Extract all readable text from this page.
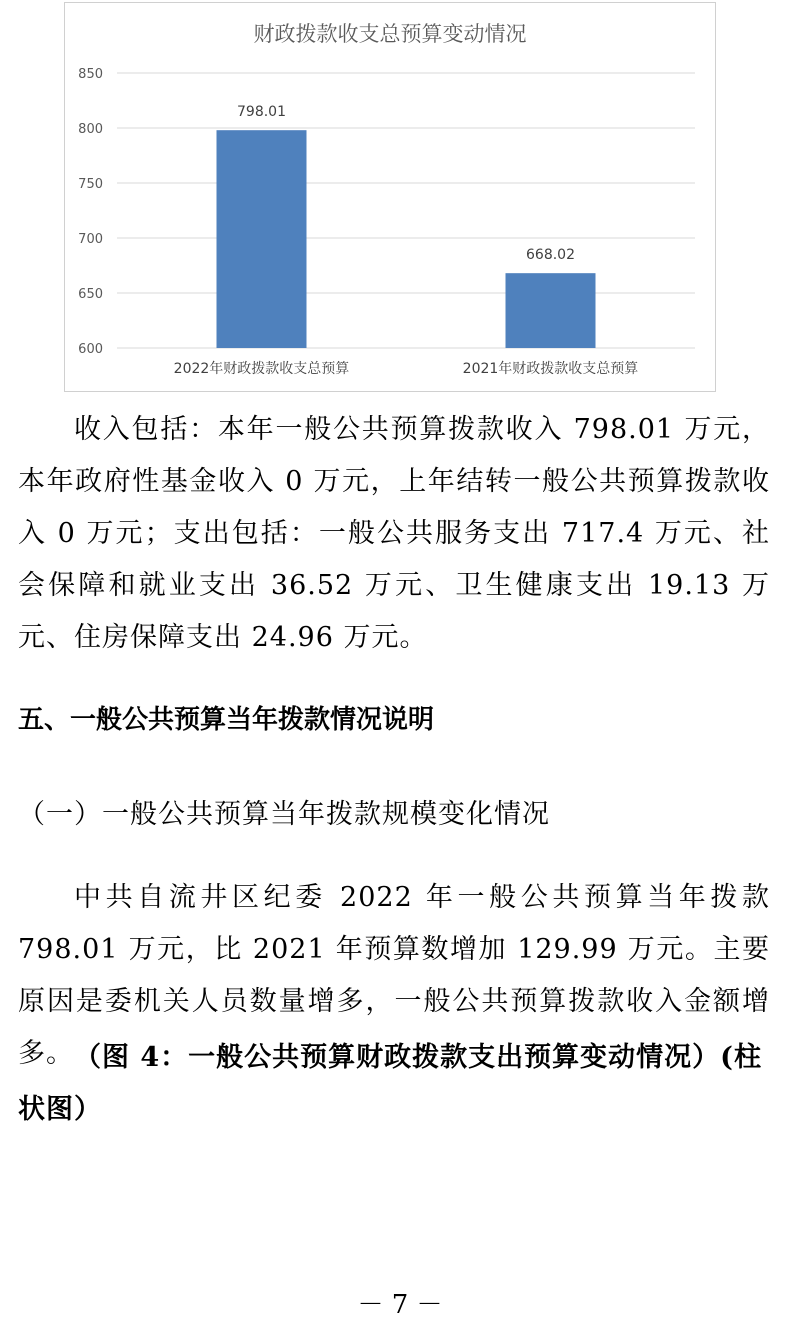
财政拨款收支总预算变动情况
600
650
700
750
800
850
798.01
2022年财政拨款收支总预算
668.02
2021年财政拨款收支总预算

收入包括：本年一般公共预算拨款收入 798.01 万元，本年政府性基金收入 0 万元，上年结转一般公共预算拨款收入 0 万元；支出包括：一般公共服务支出 717.4 万元、社会保障和就业支出 36.52 万元、卫生健康支出 19.13 万元、住房保障支出 24.96 万元。

五、一般公共预算当年拨款情况说明

（一）一般公共预算当年拨款规模变化情况

中共自流井区纪委 2022 年一般公共预算当年拨款 798.01 万元，比 2021 年预算数增加 129.99 万元。主要原因是委机关人员数量增多，一般公共预算拨款收入金额增多。 （图 4：一般公共预算财政拨款支出预算变动情况）(柱状图）

－ 7 －
